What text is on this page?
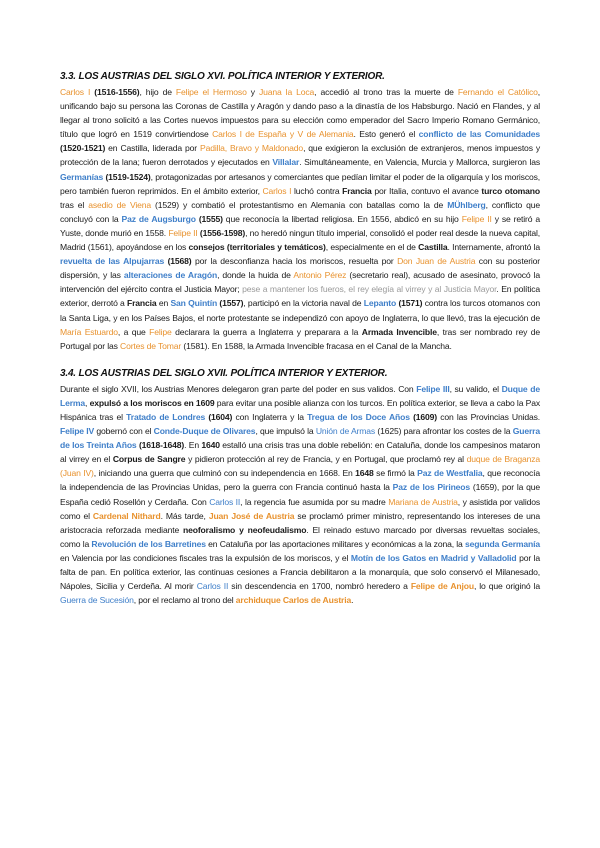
3.3. LOS AUSTRIAS DEL SIGLO XVI. POLÍTICA INTERIOR Y EXTERIOR.

Carlos I (1516-1556), hijo de Felipe el Hermoso y Juana la Loca, accedió al trono tras la muerte de Fernando el Católico, unificando bajo su persona las Coronas de Castilla y Aragón y dando paso a la dinastía de los Habsburgo. Nació en Flandes, y al llegar al trono solicitó a las Cortes nuevos impuestos para su elección como emperador del Sacro Imperio Romano Germánico, título que logró en 1519 convirtiendose Carlos I de España y V de Alemania. Esto generó el conflicto de las Comunidades (1520-1521) en Castilla, liderada por Padilla, Bravo y Maldonado, que exigieron la exclusión de extranjeros, menos impuestos y protección de la lana; fueron derrotados y ejecutados en Villalar. Simultáneamente, en Valencia, Murcia y Mallorca, surgieron las Germanías (1519-1524), protagonizadas por artesanos y comerciantes que pedían limitar el poder de la oligarquía y los moriscos, pero también fueron reprimidos. En el ámbito exterior, Carlos I luchó contra Francia por Italia, contuvo el avance turco otomano tras el asedio de Viena (1529) y combatió el protestantismo en Alemania con batallas como la de MÜhlberg, conflicto que concluyó con la Paz de Augsburgo (1555) que reconocía la libertad religiosa. En 1556, abdicó en su hijo Felipe II y se retiró a Yuste, donde murió en 1558. Felipe II (1556-1598), no heredó ningun título imperial, consolidó el poder real desde la nueva capital, Madrid (1561), apoyándose en los consejos (territoriales y temáticos), especialmente en el de Castilla. Internamente, afrontó la revuelta de las Alpujarras (1568) por la desconfianza hacia los moriscos, resuelta por Don Juan de Austria con su posterior dispersión, y las alteraciones de Aragón, donde la huida de Antonio Pérez (secretario real), acusado de asesinato, provocó la intervención del ejército contra el Justicia Mayor; pese a mantener los fueros, el rey elegía al virrey y al Justicia Mayor. En política exterior, derrotó a Francia en San Quintín (1557), participó en la victoria naval de Lepanto (1571) contra los turcos otomanos con la Santa Liga, y en los Países Bajos, el norte protestante se independizó con apoyo de Inglaterra, lo que llevó, tras la ejecución de María Estuardo, a que Felipe declarara la guerra a Inglaterra y preparara a la Armada Invencible, tras ser nombrado rey de Portugal por las Cortes de Tomar (1581). En 1588, la Armada Invencible fracasa en el Canal de la Mancha.

3.4. LOS AUSTRIAS DEL SIGLO XVII. POLÍTICA INTERIOR Y EXTERIOR.

Durante el siglo XVII, los Austrias Menores delegaron gran parte del poder en sus validos. Con Felipe III, su valido, el Duque de Lerma, expulsó a los moriscos en 1609 para evitar una posible alianza con los turcos. En política exterior, se lleva a cabo la Pax Hispánica tras el Tratado de Londres (1604) con Inglaterra y la Tregua de los Doce Años (1609) con las Provincias Unidas. Felipe IV gobernó con el Conde-Duque de Olivares, que impulsó la Unión de Armas (1625) para afrontar los costes de la Guerra de los Treinta Años (1618-1648). En 1640 estalló una crisis tras una doble rebelión: en Cataluña, donde los campesinos mataron al virrey en el Corpus de Sangre y pidieron protección al rey de Francia, y en Portugal, que proclamó rey al duque de Braganza (Juan IV), iniciando una guerra que culminó con su independencia en 1668. En 1648 se firmó la Paz de Westfalia, que reconocía la independencia de las Provincias Unidas, pero la guerra con Francia continuó hasta la Paz de los Pirineos (1659), por la que España cedió Rosellón y Cerdaña. Con Carlos II, la regencia fue asumida por su madre Mariana de Austria, y asistida por validos como el Cardenal Nithard. Más tarde, Juan José de Austria se proclamó primer ministro, representando los intereses de una aristocracia reforzada mediante neoforalismo y neofeudalismo. El reinado estuvo marcado por diversas revueltas sociales, como la Revolución de los Barretines en Cataluña por las aportaciones militares y económicas a la zona, la segunda Germanía en Valencia por las condiciones fiscales tras la expulsión de los moriscos, y el Motín de los Gatos en Madrid y Valladolid por la falta de pan. En política exterior, las continuas cesiones a Francia debilitaron a la monarquía, que solo conservó el Milanesado, Nápoles, Sicilia y Cerdeña. Al morir Carlos II sin descendencia en 1700, nombró heredero a Felipe de Anjou, lo que originó la Guerra de Sucesión, por el reclamo al trono del archiduque Carlos de Austria.
